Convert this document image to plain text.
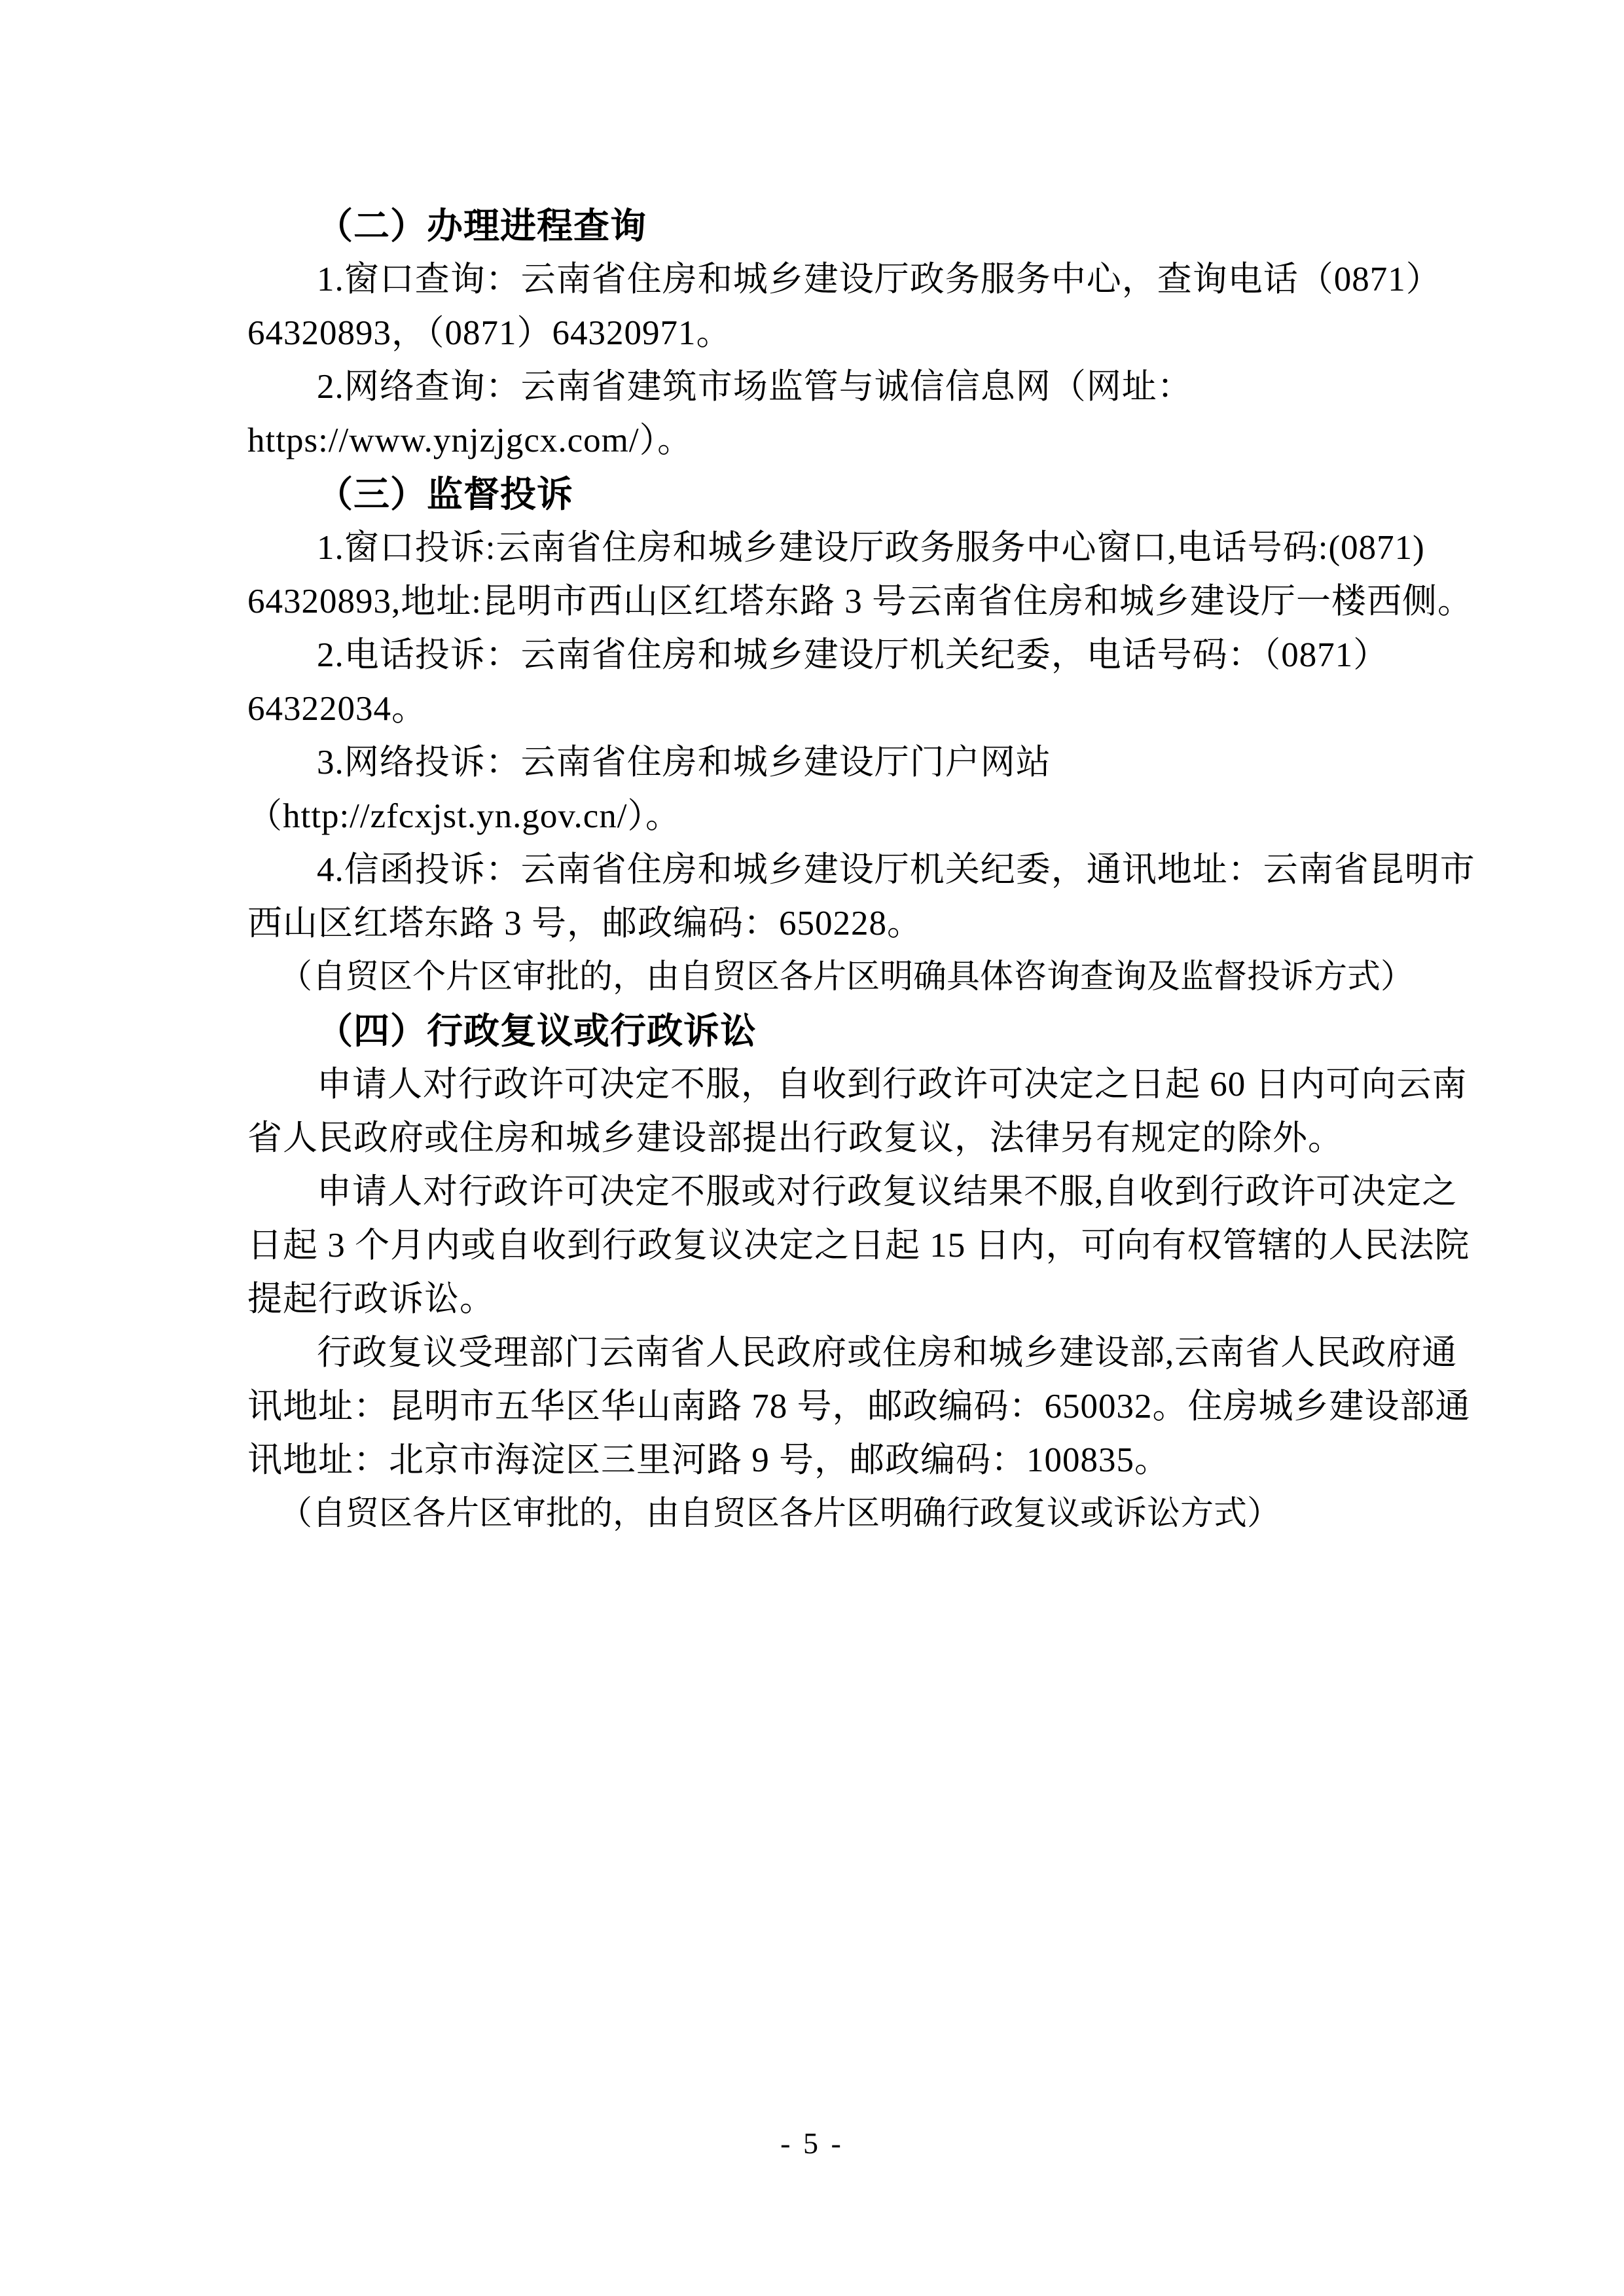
（二）办理进程查询
1.窗口查询：云南省住房和城乡建设厅政务服务中心，查询电话（0871）
64320893，（0871）64320971。
2.网络查询：云南省建筑市场监管与诚信信息网（网址：
https://www.ynjzjgcx.com/）。
（三）监督投诉
1.窗口投诉:云南省住房和城乡建设厅政务服务中心窗口,电话号码:(0871)
64320893,地址:昆明市西山区红塔东路 3 号云南省住房和城乡建设厅一楼西侧。
2.电话投诉：云南省住房和城乡建设厅机关纪委，电话号码：（0871）
64322034。
3.网络投诉：云南省住房和城乡建设厅门户网站
（http://zfcxjst.yn.gov.cn/）。
4.信函投诉：云南省住房和城乡建设厅机关纪委，通讯地址：云南省昆明市
西山区红塔东路 3 号，邮政编码：650228。
（自贸区个片区审批的，由自贸区各片区明确具体咨询查询及监督投诉方式）
（四）行政复议或行政诉讼
申请人对行政许可决定不服，自收到行政许可决定之日起 60 日内可向云南
省人民政府或住房和城乡建设部提出行政复议，法律另有规定的除外。
申请人对行政许可决定不服或对行政复议结果不服,自收到行政许可决定之
日起 3 个月内或自收到行政复议决定之日起 15 日内，可向有权管辖的人民法院
提起行政诉讼。
行政复议受理部门云南省人民政府或住房和城乡建设部,云南省人民政府通
讯地址：昆明市五华区华山南路 78 号，邮政编码：650032。住房城乡建设部通
讯地址：北京市海淀区三里河路 9 号，邮政编码：100835。
（自贸区各片区审批的，由自贸区各片区明确行政复议或诉讼方式）
- 5 -
